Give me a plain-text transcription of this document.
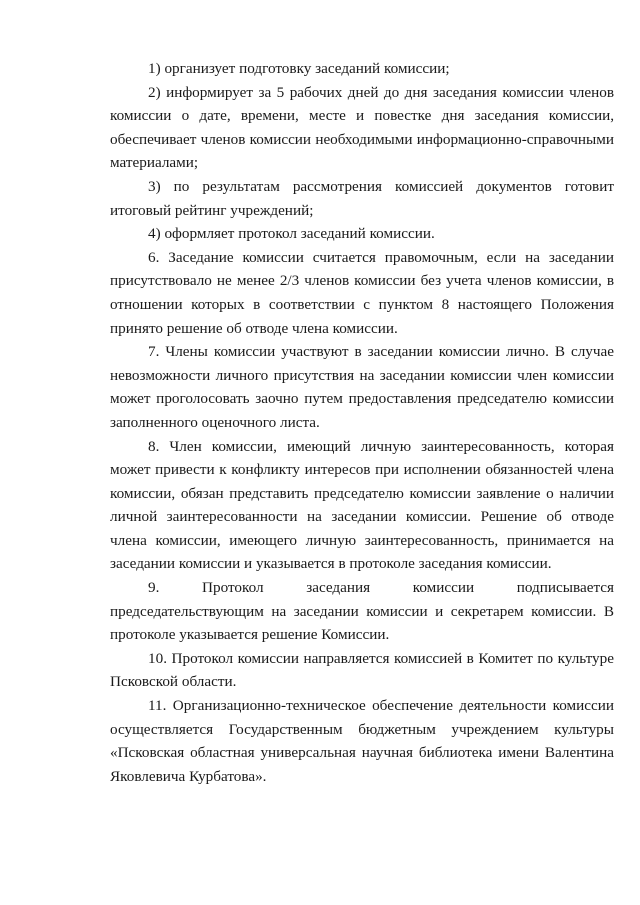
1) организует подготовку заседаний комиссии;

2) информирует за 5 рабочих дней до дня заседания комиссии членов комиссии о дате, времени, месте и повестке дня заседания комиссии, обеспечивает членов комиссии необходимыми информационно-справочными материалами;

3) по результатам рассмотрения комиссией документов готовит итоговый рейтинг учреждений;

4) оформляет протокол заседаний комиссии.

6. Заседание комиссии считается правомочным, если на заседании присутствовало не менее 2/3 членов комиссии без учета членов комиссии, в отношении которых в соответствии с пунктом 8 настоящего Положения принято решение об отводе члена комиссии.

7. Члены комиссии участвуют в заседании комиссии лично. В случае невозможности личного присутствия на заседании комиссии член комиссии может проголосовать заочно путем предоставления председателю комиссии заполненного оценочного листа.

8. Член комиссии, имеющий личную заинтересованность, которая может привести к конфликту интересов при исполнении обязанностей члена комиссии, обязан представить председателю комиссии заявление о наличии личной заинтересованности на заседании комиссии. Решение об отводе члена комиссии, имеющего личную заинтересованность, принимается на заседании комиссии и указывается в протоколе заседания комиссии.

9. Протокол заседания комиссии подписывается председательствующим на заседании комиссии и секретарем комиссии. В протоколе указывается решение Комиссии.

10. Протокол комиссии направляется комиссией в Комитет по культуре Псковской области.

11. Организационно-техническое обеспечение деятельности комиссии осуществляется Государственным бюджетным учреждением культуры «Псковская областная универсальная научная библиотека имени Валентина Яковлевича Курбатова».
